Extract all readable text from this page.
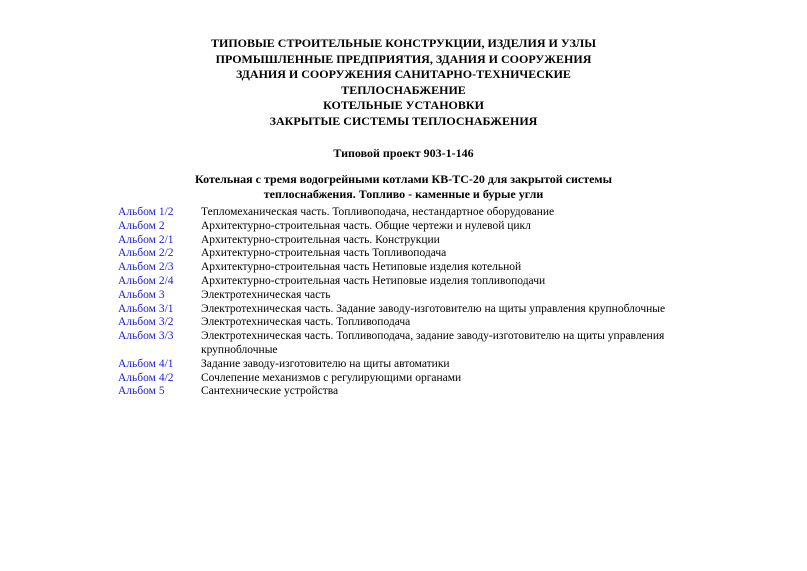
ТИПОВЫЕ СТРОИТЕЛЬНЫЕ КОНСТРУКЦИИ, ИЗДЕЛИЯ И УЗЛЫ
ПРОМЫШЛЕННЫЕ ПРЕДПРИЯТИЯ, ЗДАНИЯ И СООРУЖЕНИЯ
ЗДАНИЯ И СООРУЖЕНИЯ САНИТАРНО-ТЕХНИЧЕСКИЕ
ТЕПЛОСНАБЖЕНИЕ
КОТЕЛЬНЫЕ УСТАНОВКИ
ЗАКРЫТЫЕ СИСТЕМЫ ТЕПЛОСНАБЖЕНИЯ
Типовой проект 903-1-146
Котельная с тремя водогрейными котлами КВ-ТС-20 для закрытой системы
теплоснабжения. Топливо - каменные и бурые угли
Альбом 1/2	Тепломеханическая часть. Топливоподача, нестандартное оборудование
Альбом 2	Архитектурно-строительная часть. Общие чертежи и нулевой цикл
Альбом 2/1	Архитектурно-строительная часть. Конструкции
Альбом 2/2	Архитектурно-строительная часть Топливоподача
Альбом 2/3	Архитектурно-строительная часть Нетиповые изделия котельной
Альбом 2/4	Архитектурно-строительная часть Нетиповые изделия топливоподачи
Альбом 3	Электротехническая часть
Альбом 3/1	Электротехническая часть. Задание заводу-изготовителю на щиты управления крупноблочные
Альбом 3/2	Электротехническая часть. Топливоподача
Альбом 3/3	Электротехническая часть. Топливоподача, задание заводу-изготовителю на щиты управления крупноблочные
Альбом 4/1	Задание заводу-изготовителю на щиты автоматики
Альбом 4/2	Сочлепение механизмов с регулирующими органами
Альбом 5	Сантехнические устройства
